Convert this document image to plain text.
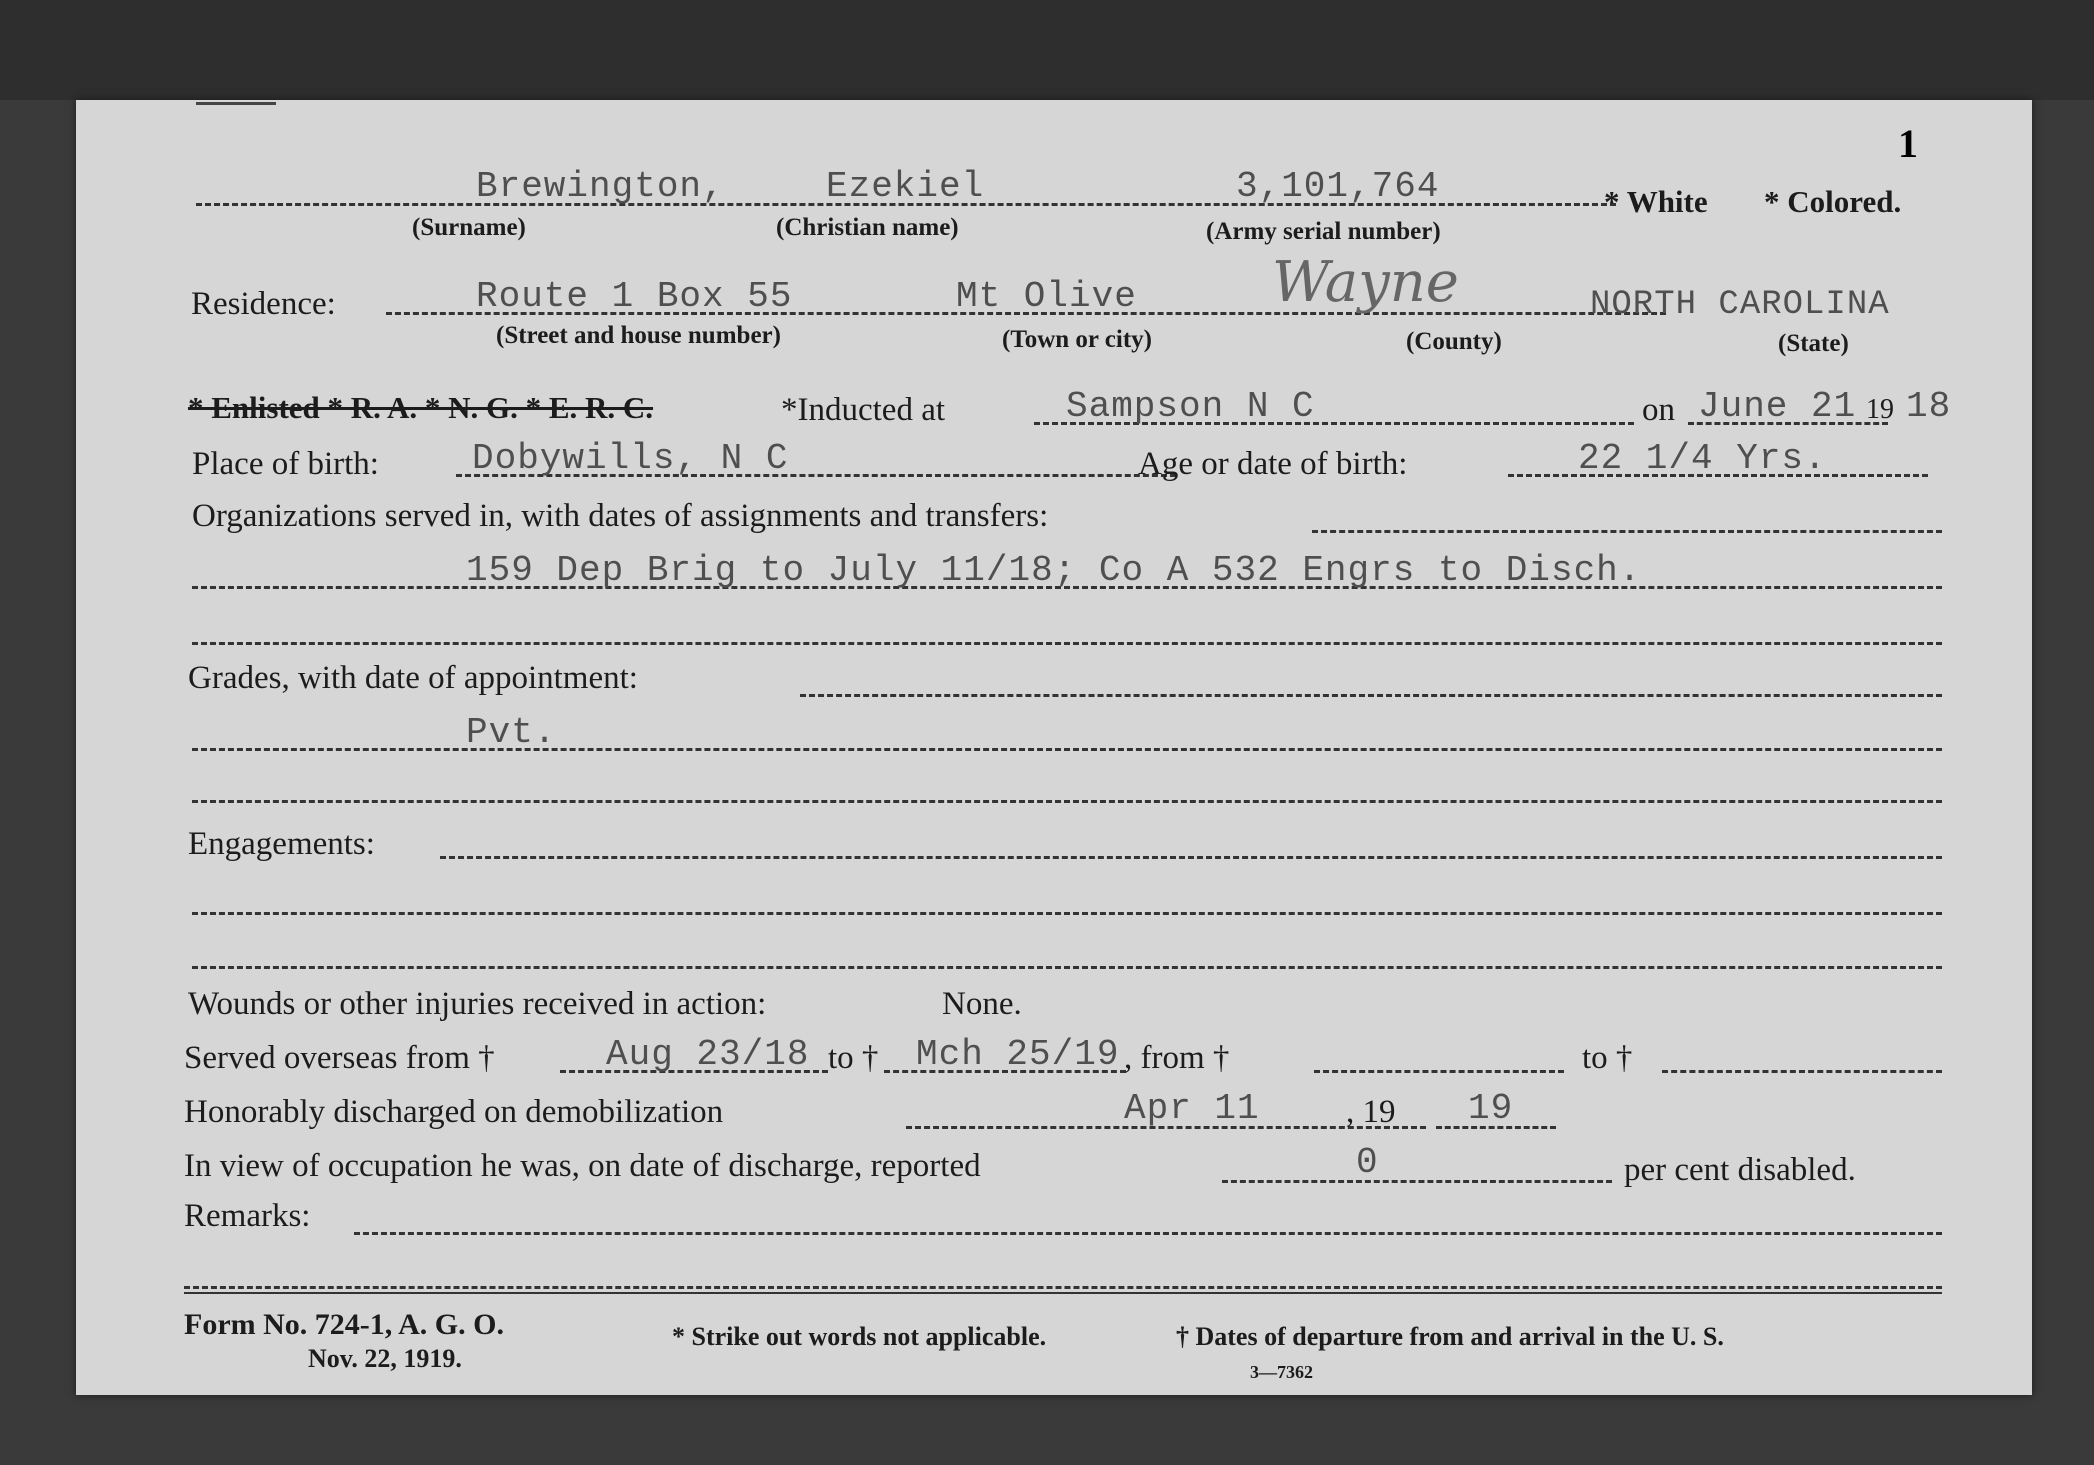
1
Brewington,	Ezekiel	3,101,764	* White * Colored.
(Surname)	(Christian name)	(Army serial number)
Residence:	Route 1 Box 55	Mt Olive Wayne	NORTH CAROLINA
(Street and house number)	(Town or city)	(County)	(State)
* Enlisted * R. A. * N. G. * E. R. C.	*Inducted at	Sampson N C	on June 21 19 18
Place of birth:	Dobywills, N C	Age or date of birth:	22 1/4 Yrs.
Organizations served in, with dates of assignments and transfers:
159 Dep Brig to July 11/18; Co A 532 Engrs to Disch.
Grades, with date of appointment:
Pvt.
Engagements:
Wounds or other injuries received in action:	None.
Served overseas from †	Aug 23/18 to † Mch 25/19 , from †	to †
Honorably discharged on demobilization	Apr 11	, 19 19
In view of occupation he was, on date of discharge, reported	0	per cent disabled.
Remarks:
Form No. 724-1, A. G. O.
Nov. 22, 1919.
* Strike out words not applicable.	† Dates of departure from and arrival in the U. S.
3—7362
